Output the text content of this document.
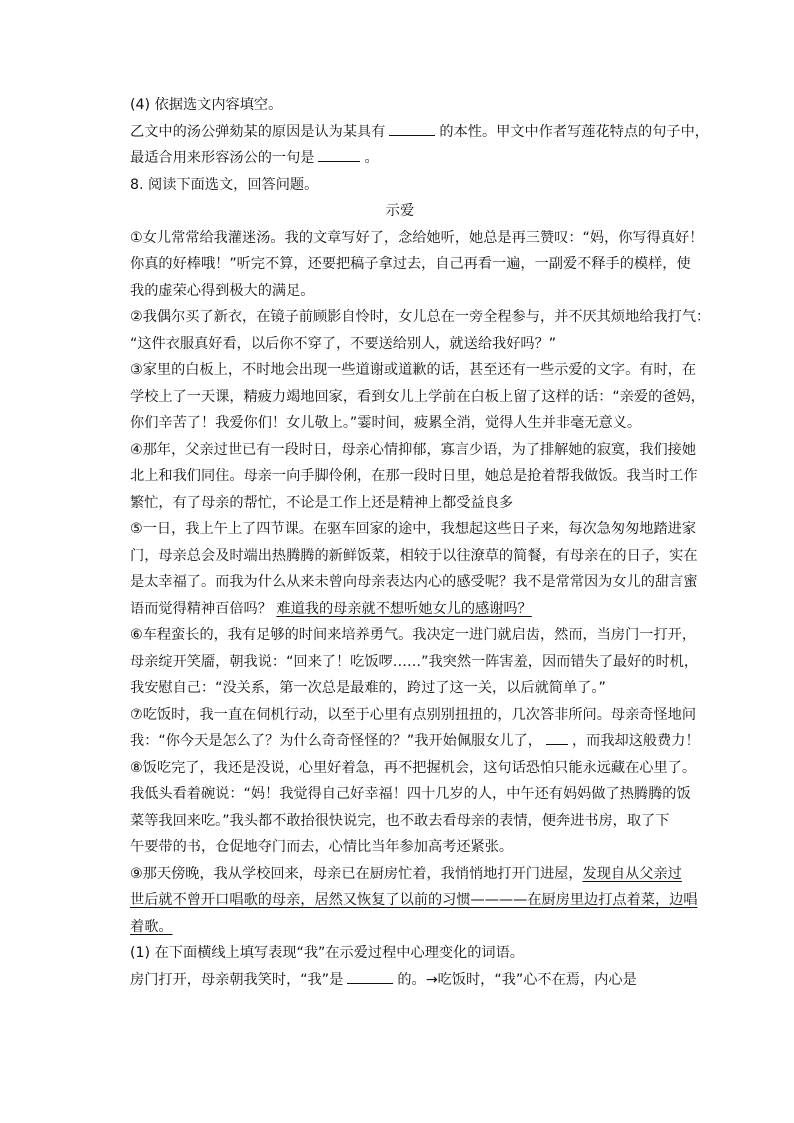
(4) 依据选文内容填空。
乙文中的汤公弹劾某的原因是认为某具有	的本性。甲文中作者写莲花特点的句子中，
最适合用来形容汤公的一句是	。
8. 阅读下面选文，回答问题。
示爱
①女儿常常给我灌迷汤。我的文章写好了，念给她听，她总是再三赞叹：“妈，你写得真好！
你真的好棒哦！”听完不算，还要把稿子拿过去，自己再看一遍，一副爱不释手的模样，使
我的虚荣心得到极大的满足。
②我偶尔买了新衣，在镜子前顾影自怜时，女儿总在一旁全程参与，并不厌其烦地给我打气：
“这件衣服真好看，以后你不穿了，不要送给别人，就送给我好吗？”
③家里的白板上，不时地会出现一些道谢或道歉的话，甚至还有一些示爱的文字。有时，在
学校上了一天课，精疲力竭地回家，看到女儿上学前在白板上留了这样的话：“亲爱的爸妈，
你们辛苦了！我爱你们！女儿敬上。”霎时间，疲累全消，觉得人生并非毫无意义。
④那年，父亲过世已有一段时日，母亲心情抑郁，寡言少语，为了排解她的寂寞，我们接她
北上和我们同住。母亲一向手脚伶俐，在那一段时日里，她总是抢着帮我做饭。我当时工作
繁忙，有了母亲的帮忙，不论是工作上还是精神上都受益良多
⑤一日，我上午上了四节课。在驱车回家的途中，我想起这些日子来，每次急匆匆地踏进家
门，母亲总会及时端出热腾腾的新鲜饭菜，相较于以往潦草的简餐，有母亲在的日子，实在
是太幸福了。而我为什么从来未曾向母亲表达内心的感受呢？我不是常常因为女儿的甜言蜜
语而觉得精神百倍吗？ 难道我的母亲就不想听她女儿的感谢吗？
⑥车程蛮长的，我有足够的时间来培养勇气。我决定一进门就启齿，然而，当房门一打开，
母亲绽开笑靥，朝我说：“回来了！吃饭啰……”我突然一阵害羞，因而错失了最好的时机，
我安慰自己：“没关系，第一次总是最难的，跨过了这一关，以后就简单了。”
⑦吃饭时，我一直在伺机行动，以至于心里有点别别扭扭的，几次答非所问。母亲奇怪地问
我：“你今天是怎么了？为什么奇奇怪怪的？”我开始佩服女儿了， ，而我却这般费力！
⑧饭吃完了，我还是没说，心里好着急，再不把握机会，这句话恐怕只能永远藏在心里了。
我低头看着碗说：“妈！我觉得自己好幸福！四十几岁的人，中午还有妈妈做了热腾腾的饭
菜等我回来吃。”我头都不敢抬很快说完，也不敢去看母亲的表情，便奔进书房，取了下
午要带的书，仓促地夺门而去，心情比当年参加高考还紧张。
⑨那天傍晚，我从学校回来，母亲已在厨房忙着，我悄悄地打开门进屋，发现自从父亲过
世后就不曾开口唱歌的母亲，居然又恢复了以前的习惯————在厨房里边打点着菜，边唱
着歌。
(1) 在下面横线上填写表现“我”在示爱过程中心理变化的词语。
房门打开，母亲朝我笑时，“我”是	的。→吃饭时，“我”心不在焉，内心是
